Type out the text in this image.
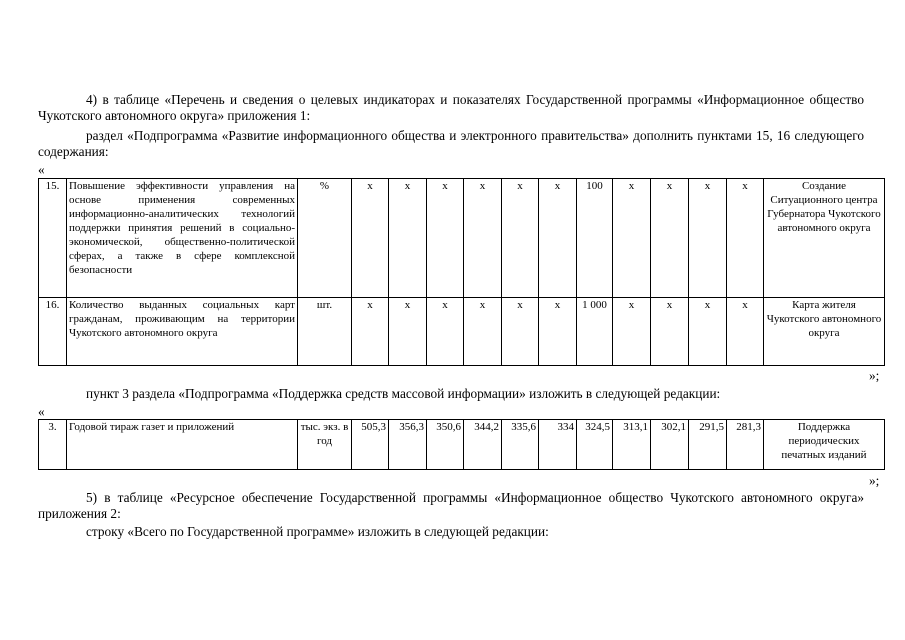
4) в таблице «Перечень и сведения о целевых индикаторах и показателях Государственной программы «Информационное общество Чукотского автономного округа» приложения 1:
раздел «Подпрограмма «Развитие информационного общества и электронного правительства» дополнить пунктами 15, 16 следующего содержания:
«
15.	Повышение эффективности управления на основе применения современных информационно-аналитических технологий поддержки принятия решений в социально-экономической, общественно-политической сферах, а также в сфере комплексной безопасности	%	х	х	х	х	х	х	100	х	х	х	х	Создание Ситуационного центра Губернатора Чукотского автономного округа
16.	Количество выданных социальных карт гражданам, проживающим на территории Чукотского автономного округа	шт.	х	х	х	х	х	х	1 000	х	х	х	х	Карта жителя Чукотского автономного округа
»;
пункт 3 раздела «Подпрограмма «Поддержка средств массовой информации» изложить в следующей редакции:
«
3.	Годовой тираж газет и приложений	тыс. экз. в год	505,3	356,3	350,6	344,2	335,6	334	324,5	313,1	302,1	291,5	281,3	Поддержка периодических печатных изданий
»;
5) в таблице «Ресурсное обеспечение Государственной программы «Информационное общество Чукотского автономного округа» приложения 2:
строку «Всего по Государственной программе» изложить в следующей редакции:
